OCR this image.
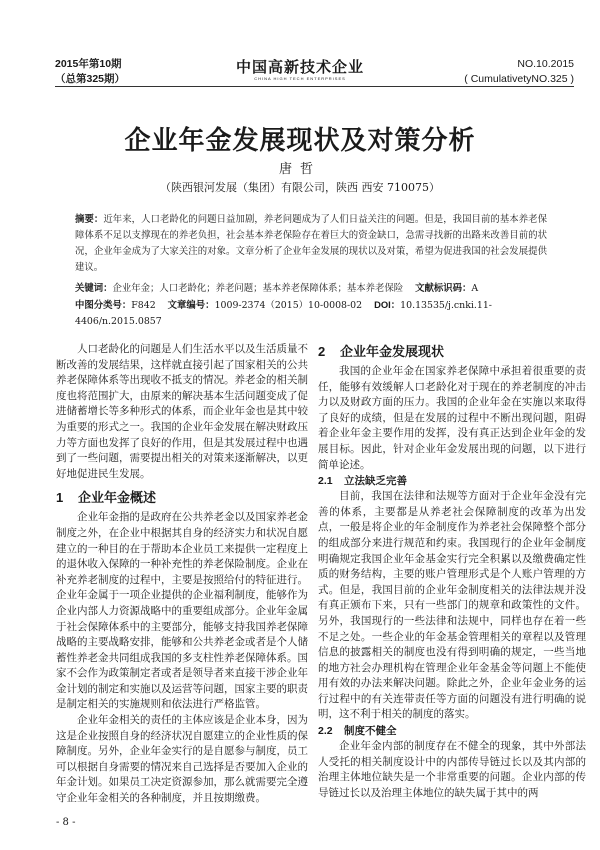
2015年第10期
（总第325期）
中国高新技术企业
CHINA HIGH TECH ENTERPRISES
NO.10.2015
( CumulativetyNO.325 )
企业年金发展现状及对策分析
唐哲
（陕西银河发展（集团）有限公司，陕西 西安 710075）
摘要：近年来，人口老龄化的问题日益加剧，养老问题成为了人们日益关注的问题。但是，我国目前的基本养老保障体系不足以支撑现在的养老负担，社会基本养老保险存在着巨大的资金缺口，急需寻找新的出路来改善目前的状况，企业年金成为了大家关注的对象。文章分析了企业年金发展的现状以及对策，希望为促进我国的社会发展提供建议。
关键词：企业年金；人口老龄化；养老问题；基本养老保障体系；基本养老保险 文献标识码：A
中图分类号：F842 文章编号：1009-2374（2015）10-0008-02 DOI：10.13535/j.cnki.11-4406/n.2015.0857

人口老龄化的问题是人们生活水平以及生活质量不断改善的发展结果，这样就直接引起了国家相关的公共养老保障体系等出现收不抵支的情况。养老金的相关制度也将范围扩大，由原来的解决基本生活问题变成了促进储蓄增长等多种形式的体系，而企业年金也是其中较为重要的形式之一。我国的企业年金发展在解决财政压力等方面也发挥了良好的作用，但是其发展过程中也遇到了一些问题，需要提出相关的对策来逐渐解决，以更好地促进民生发展。

1 企业年金概述

企业年金指的是政府在公共养老金以及国家养老金制度之外，在企业中根据其自身的经济实力和状况自愿建立的一种目的在于帮助本企业员工来提供一定程度上的退休收入保障的一种补充性的养老保险制度。企业在补充养老制度的过程中，主要是按照给付的特征进行。企业年金属于一项企业提供的企业福利制度，能够作为企业内部人力资源战略中的重要组成部分。企业年金属于社会保障体系中的主要部分，能够支持我国养老保障战略的主要战略安排，能够和公共养老金或者是个人储蓄性养老金共同组成我国的多支柱性养老保障体系。国家不会作为政策制定者或者是领导者来直接干涉企业年金计划的制定和实施以及运营等问题，国家主要的职责是制定相关的实施规则和依法进行严格监管。

企业年金相关的责任的主体应该是企业本身，因为这是企业按照自身的经济状况自愿建立的企业性质的保障制度。另外，企业年金实行的是自愿参与制度，员工可以根据自身需要的情况来自己选择是否要加入企业的年金计划。如果员工决定资源参加，那么就需要完全遵守企业年金相关的各种制度，并且按期缴费。

- 8 -
2 企业年金发展现状

我国的企业年金在国家养老保障中承担着很重要的责任，能够有效缓解人口老龄化对于现在的养老制度的冲击力以及财政方面的压力。我国的企业年金在实施以来取得了良好的成绩，但是在发展的过程中不断出现问题，阻碍着企业年金主要作用的发挥，没有真正达到企业年金的发展目标。因此，针对企业年金发展出现的问题，以下进行简单论述。

2.1 立法缺乏完善

目前，我国在法律和法规等方面对于企业年金没有完善的体系，主要都是从养老社会保障制度的改革为出发点，一般是将企业的年金制度作为养老社会保障整个部分的组成部分来进行规范和约束。我国现行的企业年金制度明确规定我国企业年金基金实行完全积累以及缴费确定性质的财务结构，主要的账户管理形式是个人账户管理的方式。但是，我国目前的企业年金制度相关的法律法规并没有真正颁布下来，只有一些部门的规章和政策性的文件。另外，我国现行的一些法律和法规中，同样也存在着一些不足之处。一些企业的年金基金管理相关的章程以及管理信息的披露相关的制度也没有得到明确的规定，一些当地的地方社会办理机构在管理企业年金基金等问题上不能使用有效的办法来解决问题。除此之外，企业年金业务的运行过程中的有关连带责任等方面的问题没有进行明确的说明，这不利于相关的制度的落实。

2.2 制度不健全

企业年金内部的制度存在不健全的现象，其中外部法人受托的相关制度设计中的内部传导链过长以及其内部的治理主体地位缺失是一个非常重要的问题。企业内部的传导链过长以及治理主体地位的缺失属于其中的两
